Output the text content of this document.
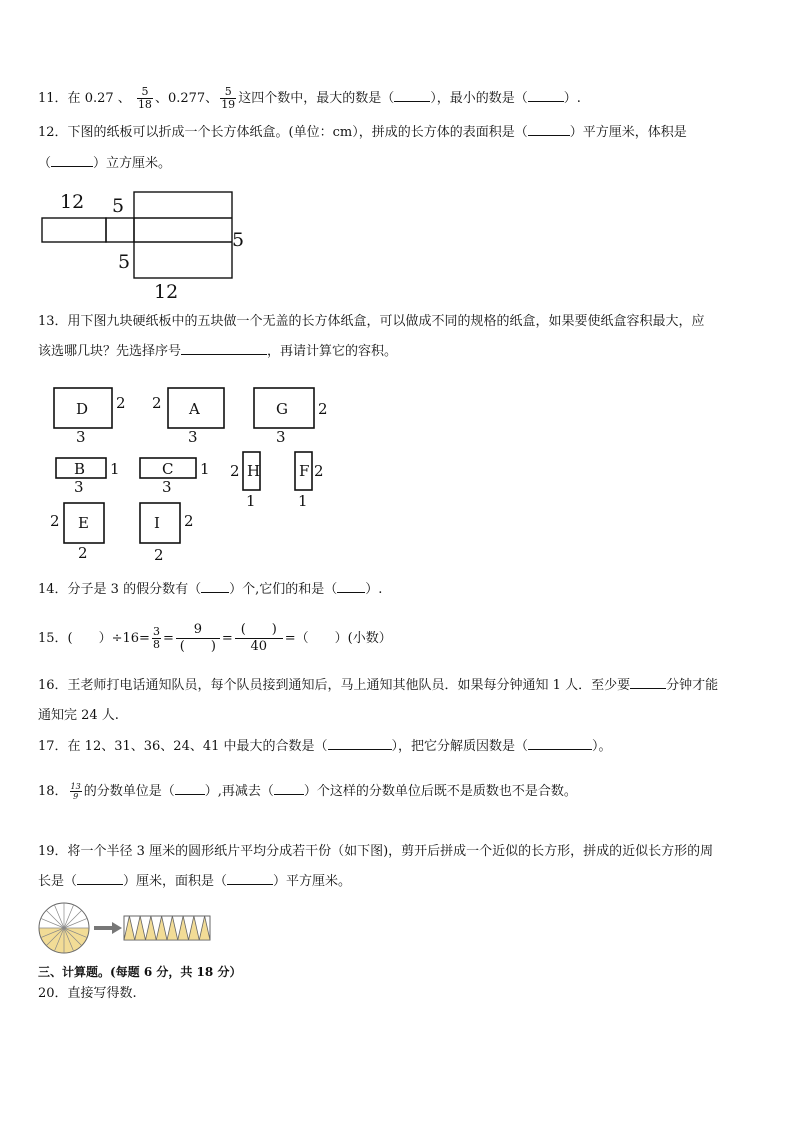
11．在 0.27 、 $\frac{5}{18}$ 、0.277、 $\frac{5}{19}$ 这四个数中，最大的数是（	），最小的数是（	）.
12．下图的纸板可以折成一个长方体纸盒。(单位：cm），拼成的长方体的表面积是（	）平方厘米，体积是
（	）立方厘米。
12 5
5
5
12
13．用下图九块硬纸板中的五块做一个无盖的长方体纸盒，可以做成不同的规格的纸盒，如果要使纸盒容积最大，应
该选哪几块？先选择序号	，再请计算它的容积。
D 2
3
A
2
3
G 2
3
B 1
3
C 1
3
H
2
1
F 2
1
E
2
2
I 2
2
14．分子是 3 的假分数有（ ）个,它们的和是（ ）.
15．(　　）$\div 16= \frac{3}{8} = \frac{9}{( )} = \frac{( )}{40}$ =（　　）(小数）
16．王老师打电话通知队员，每个队员接到通知后，马上通知其他队员．如果每分钟通知 1 人．至少要	分钟才能
通知完 24 人.
17．在 12、31、36、24、41 中最大的合数是（	），把它分解质因数是（	）。
18． $\frac{13}{9}$ 的分数单位是（ ）,再减去（ ）个这样的分数单位后既不是质数也不是合数。
19．将一个半径 3 厘米的圆形纸片平均分成若干份（如下图)，剪开后拼成一个近似的长方形，拼成的近似长方形的周
长是（	）厘米，面积是（	）平方厘米。
三、计算题。(每题 6 分，共 18 分）
20．直接写得数.
